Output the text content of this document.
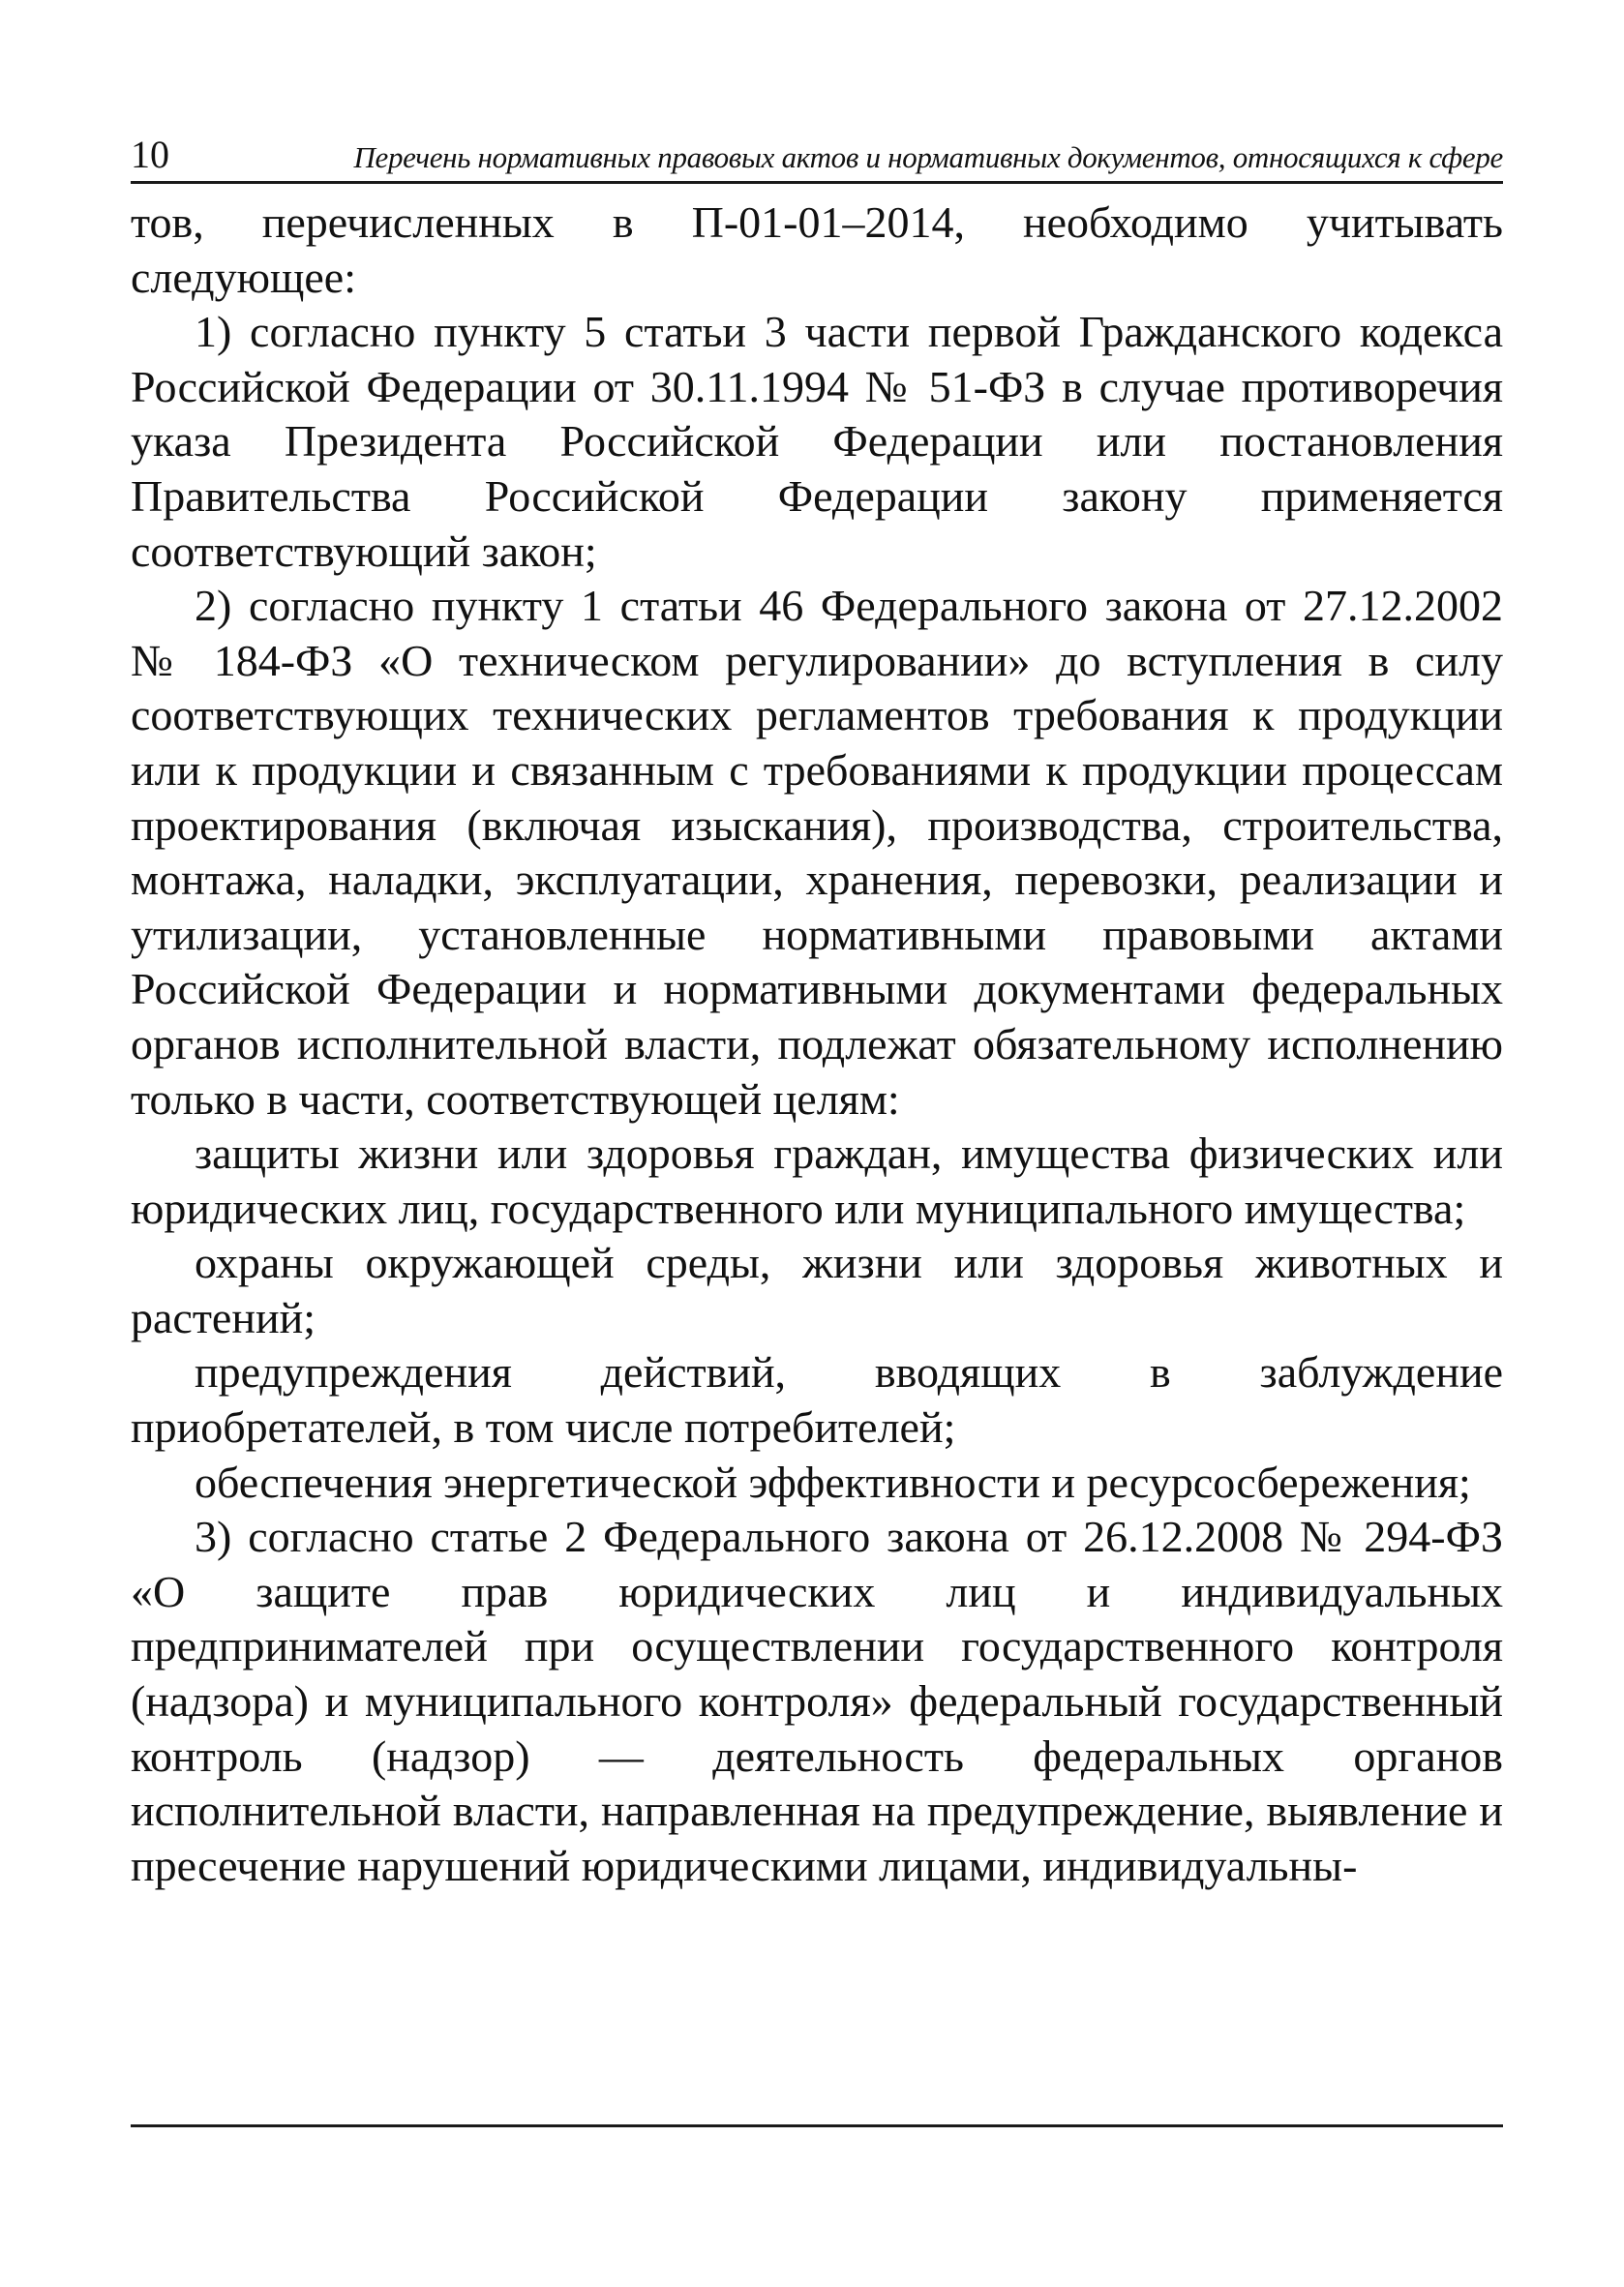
10	Перечень нормативных правовых актов и нормативных документов, относящихся к сфере

тов, перечисленных в П-01-01–2014, необходимо учитывать следующее:

1) согласно пункту 5 статьи 3 части первой Гражданского кодекса Российской Федерации от 30.11.1994 № 51-ФЗ в случае противоречия указа Президента Российской Федерации или постановления Правительства Российской Федерации закону применяется соответствующий закон;

2) согласно пункту 1 статьи 46 Федерального закона от 27.12.2002 № 184-ФЗ «О техническом регулировании» до вступления в силу соответствующих технических регламентов требования к продукции или к продукции и связанным с требованиями к продукции процессам проектирования (включая изыскания), производства, строительства, монтажа, наладки, эксплуатации, хранения, перевозки, реализации и утилизации, установленные нормативными правовыми актами Российской Федерации и нормативными документами федеральных органов исполнительной власти, подлежат обязательному исполнению только в части, соответствующей целям:

защиты жизни или здоровья граждан, имущества физических или юридических лиц, государственного или муниципального имущества;

охраны окружающей среды, жизни или здоровья животных и растений;

предупреждения действий, вводящих в заблуждение приобретателей, в том числе потребителей;

обеспечения энергетической эффективности и ресурсосбережения;

3) согласно статье 2 Федерального закона от 26.12.2008 № 294-ФЗ «О защите прав юридических лиц и индивидуальных предпринимателей при осуществлении государственного контроля (надзора) и муниципального контроля» федеральный государственный контроль (надзор) — деятельность федеральных органов исполнительной власти, направленная на предупреждение, выявление и пресечение нарушений юридическими лицами, индивидуальны-
